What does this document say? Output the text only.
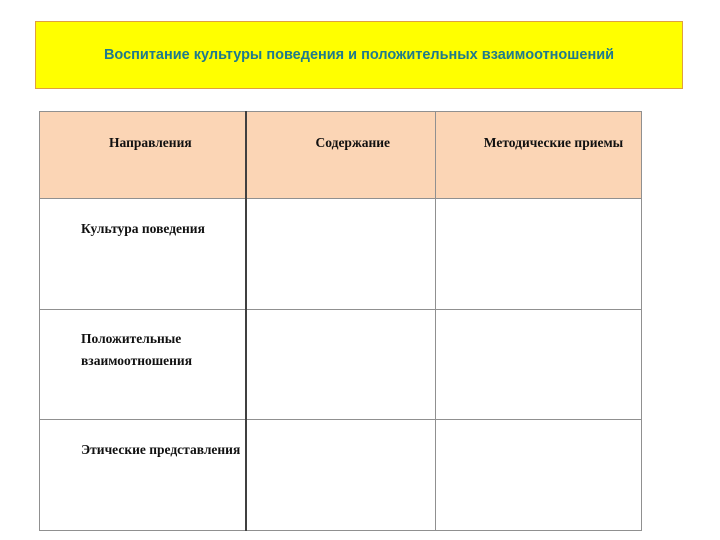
Воспитание культуры поведения и положительных взаимоотношений
Направления	Содержание	Методические приемы
Культура поведения		
Положительные взаимоотношения		
Этические представления		
